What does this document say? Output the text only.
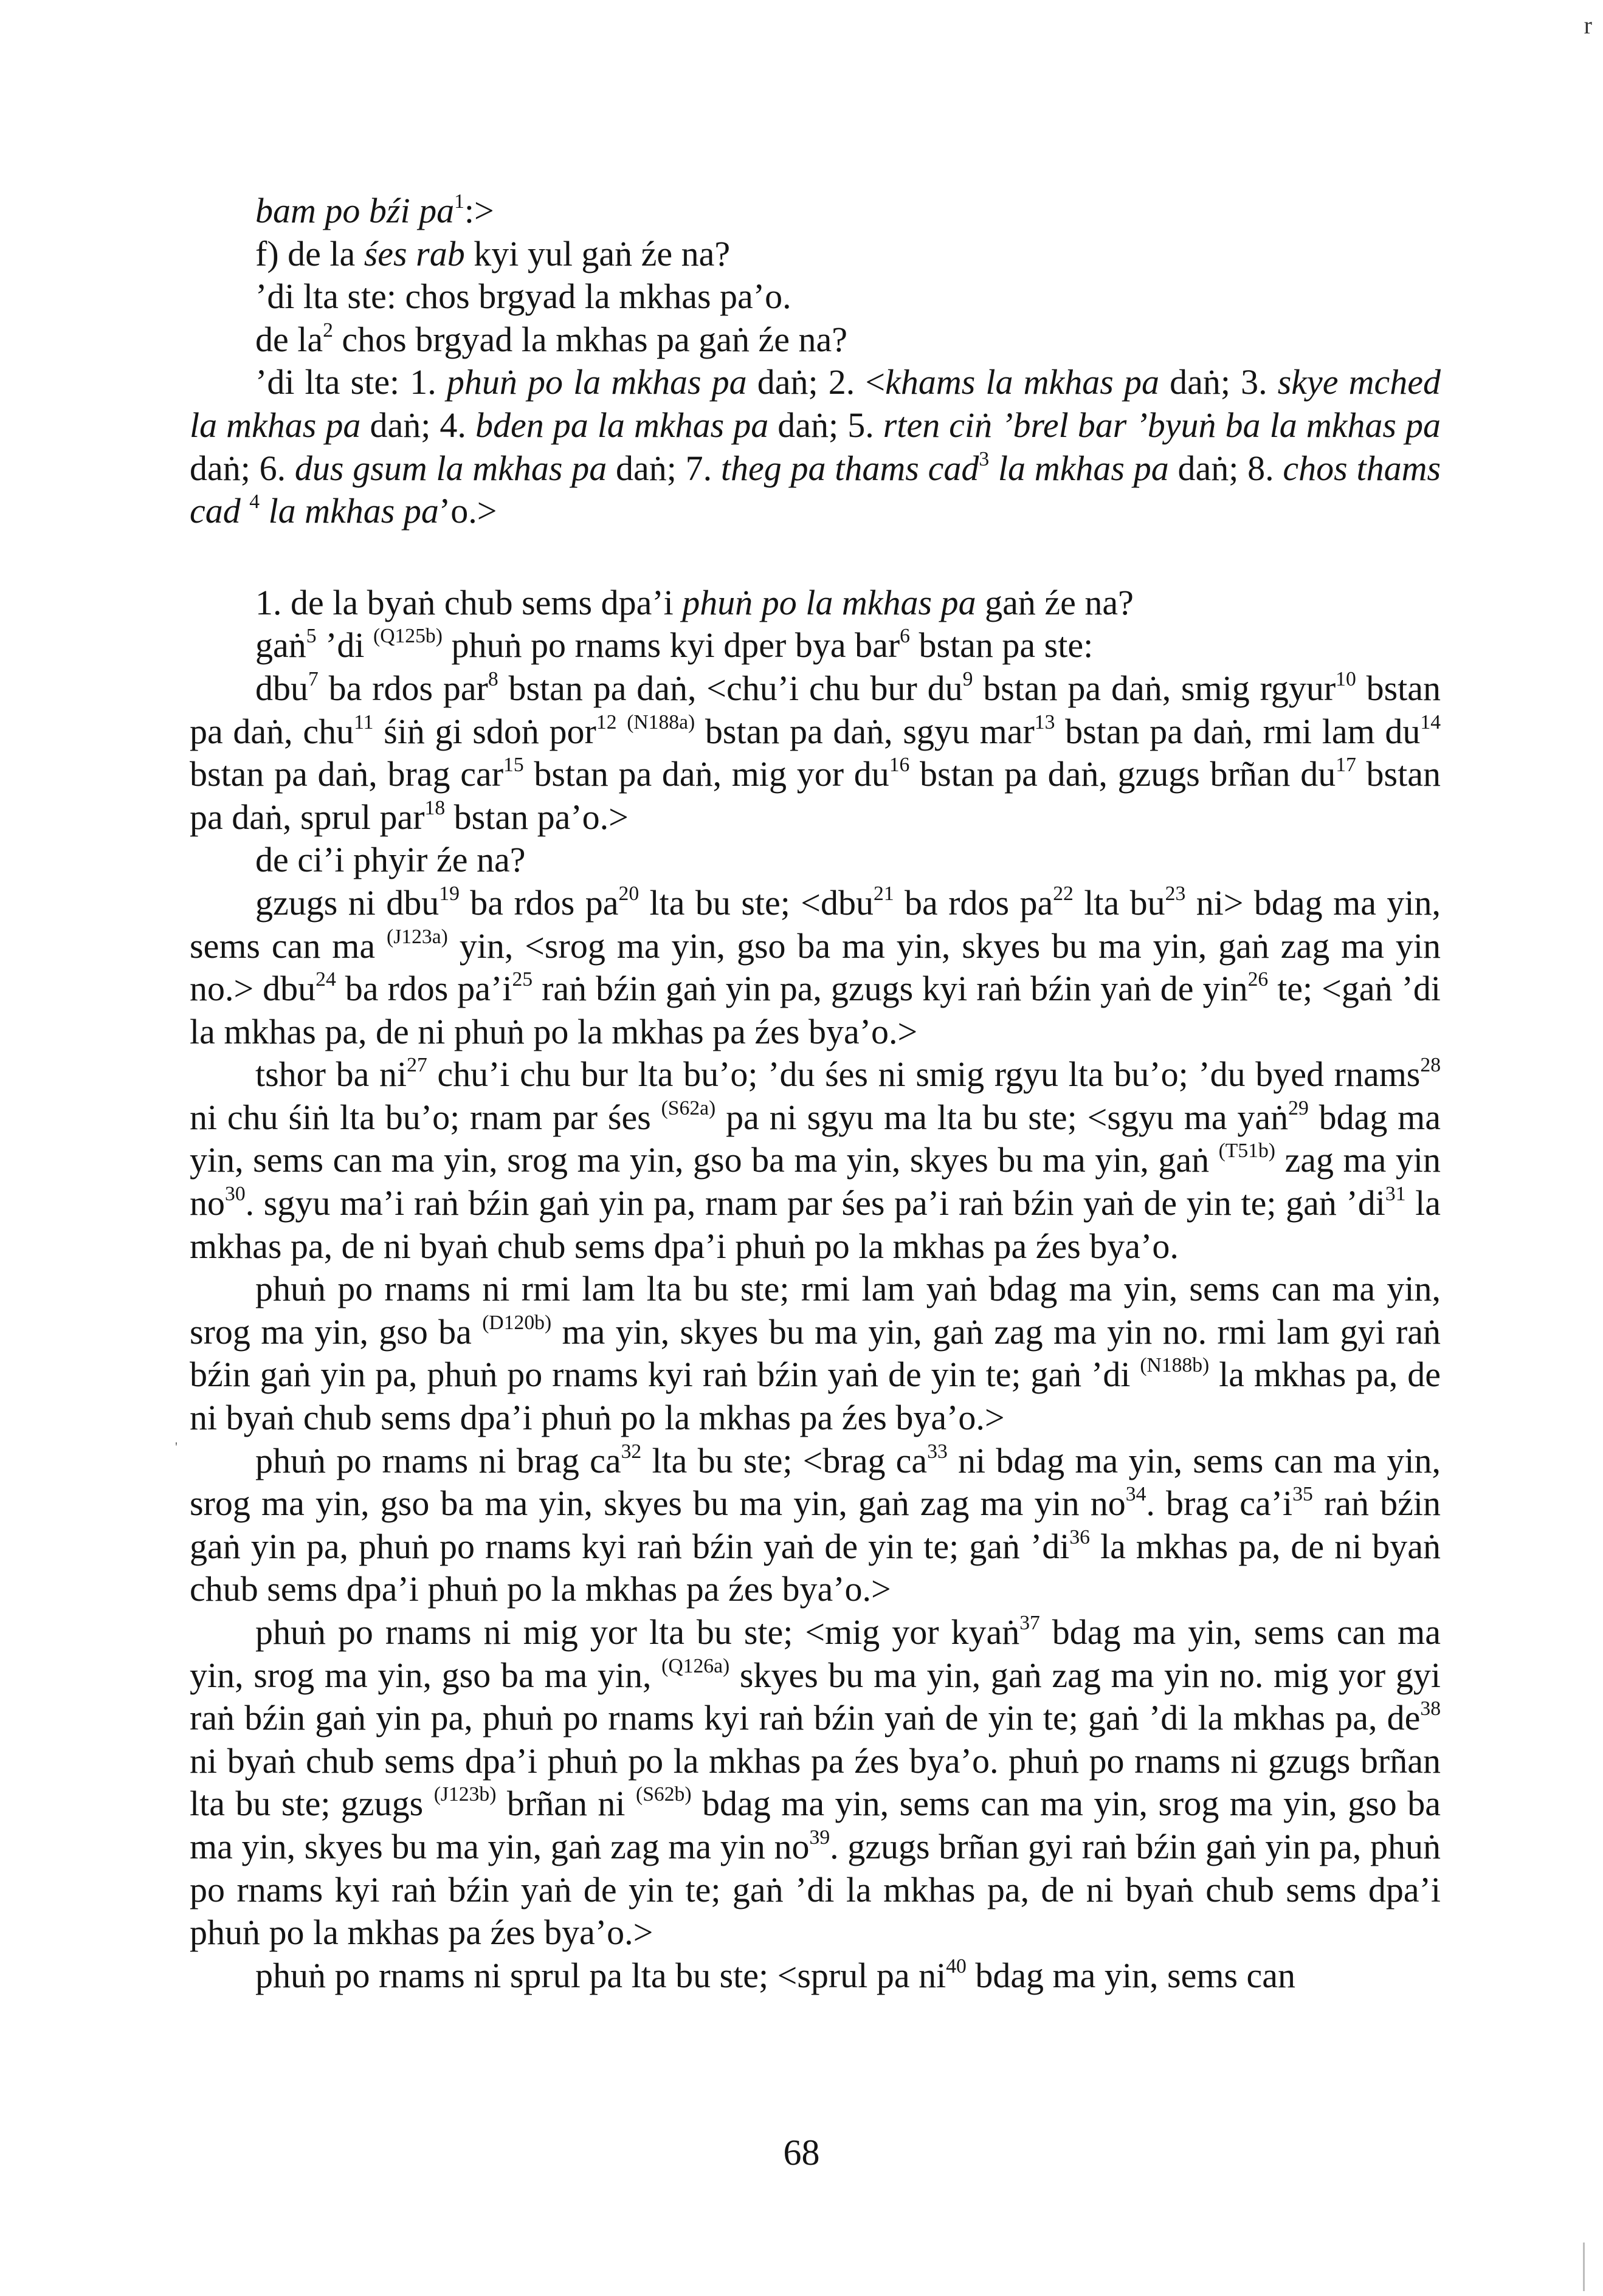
r
'

bam po bźi $pa^1:>$

f) de la śes rab kyi yul gaṅ źe na?

’di lta ste: chos brgyad la mkhas pa’o.

de $la^2$ chos brgyad la mkhas pa gaṅ źe na?

’di lta ste: 1. phuṅ po la mkhas pa daṅ; 2. <khams la mkhas pa daṅ; 3. skye mched la mkhas pa daṅ; 4. bden pa la mkhas pa daṅ; 5. rten ciṅ ’brel bar ’byuṅ ba la mkhas pa daṅ; 6. dus gsum la mkhas pa daṅ; 7. theg pa thams cad$^3$ la mkhas pa daṅ; 8. chos thams cad $^4$ la mkhas pa’o.>

1. de la byaṅ chub sems dpa’i phuṅ po la mkhas pa gaṅ źe na?

gaṅ$^5$ ’di $^{(Q125b)}$ phuṅ po rnams kyi dper bya bar$^6$ bstan pa ste:

dbu$^7$ ba rdos par$^8$ bstan pa daṅ, <chu’i chu bur $du^9$ bstan pa daṅ, smig rgyur$^{10}$ bstan pa daṅ, chu$^{11}$ śiṅ gi sdoṅ por$^{12}$ $^{(N188a)}$ bstan pa daṅ, sgyu mar$^{13}$ bstan pa daṅ, rmi lam $du^{14}$ bstan pa daṅ, brag car$^{15}$ bstan pa daṅ, mig yor $du^{16}$ bstan pa daṅ, gzugs brñan $du^{17}$ bstan pa daṅ, sprul par$^{18}$ bstan pa’o.>

de ci’i phyir źe na?

gzugs ni dbu$^{19}$ ba rdos $pa^{20}$ lta bu ste; <dbu$^{21}$ ba rdos $pa^{22}$ lta $bu^{23}$ ni> bdag ma yin, sems can ma $^{(J123a)}$ yin, <srog ma yin, gso ba ma yin, skyes bu ma yin, gaṅ zag ma yin no.> dbu$^{24}$ ba rdos $pa’i^{25}$ raṅ bźin gaṅ yin pa, gzugs kyi raṅ bźin yaṅ de yin$^{26}$ te; <gaṅ ’di la mkhas pa, de ni phuṅ po la mkhas pa źes bya’o.>

tshor ba $ni^{27}$ chu’i chu bur lta bu’o; ’du śes ni smig rgyu lta bu’o; ’du byed rnams$^{28}$ ni chu śiṅ lta bu’o; rnam par śes $^{(S62a)}$ pa ni sgyu ma lta bu ste; <sgyu ma yaṅ$^{29}$ bdag ma yin, sems can ma yin, srog ma yin, gso ba ma yin, skyes bu ma yin, gaṅ $^{(T51b)}$ zag ma yin $no^{30}$. sgyu ma’i raṅ bźin gaṅ yin pa, rnam par śes pa’i raṅ bźin yaṅ de yin te; gaṅ $’di^{31}$ la mkhas pa, de ni byaṅ chub sems dpa’i phuṅ po la mkhas pa źes bya’o.

phuṅ po rnams ni rmi lam lta bu ste; rmi lam yaṅ bdag ma yin, sems can ma yin, srog ma yin, gso ba $^{(D120b)}$ ma yin, skyes bu ma yin, gaṅ zag ma yin no. rmi lam gyi raṅ bźin gaṅ yin pa, phuṅ po rnams kyi raṅ bźin yaṅ de yin te; gaṅ ’di $^{(N188b)}$ la mkhas pa, de ni byaṅ chub sems dpa’i phuṅ po la mkhas pa źes bya’o.>

phuṅ po rnams ni brag $ca^{32}$ lta bu ste; <brag $ca^{33}$ ni bdag ma yin, sems can ma yin, srog ma yin, gso ba ma yin, skyes bu ma yin, gaṅ zag ma yin $no^{34}$. brag $ca’i^{35}$ raṅ bźin gaṅ yin pa, phuṅ po rnams kyi raṅ bźin yaṅ de yin te; gaṅ $’di^{36}$ la mkhas pa, de ni byaṅ chub sems dpa’i phuṅ po la mkhas pa źes bya’o.>

phuṅ po rnams ni mig yor lta bu ste; <mig yor kyaṅ$^{37}$ bdag ma yin, sems can ma yin, srog ma yin, gso ba ma yin, $^{(Q126a)}$ skyes bu ma yin, gaṅ zag ma yin no. mig yor gyi raṅ bźin gaṅ yin pa, phuṅ po rnams kyi raṅ bźin yaṅ de yin te; gaṅ ’di la mkhas pa, $de^{38}$ ni byaṅ chub sems dpa’i phuṅ po la mkhas pa źes bya’o. phuṅ po rnams ni gzugs brñan lta bu ste; gzugs $^{(J123b)}$ brñan ni $^{(S62b)}$ bdag ma yin, sems can ma yin, srog ma yin, gso ba ma yin, skyes bu ma yin, gaṅ zag ma yin $no^{39}$. gzugs brñan gyi raṅ bźin gaṅ yin pa, phuṅ po rnams kyi raṅ bźin yaṅ de yin te; gaṅ ’di la mkhas pa, de ni byaṅ chub sems dpa’i phuṅ po la mkhas pa źes bya’o.>

phuṅ po rnams ni sprul pa lta bu ste; <sprul pa $ni^{40}$ bdag ma yin, sems can

68
